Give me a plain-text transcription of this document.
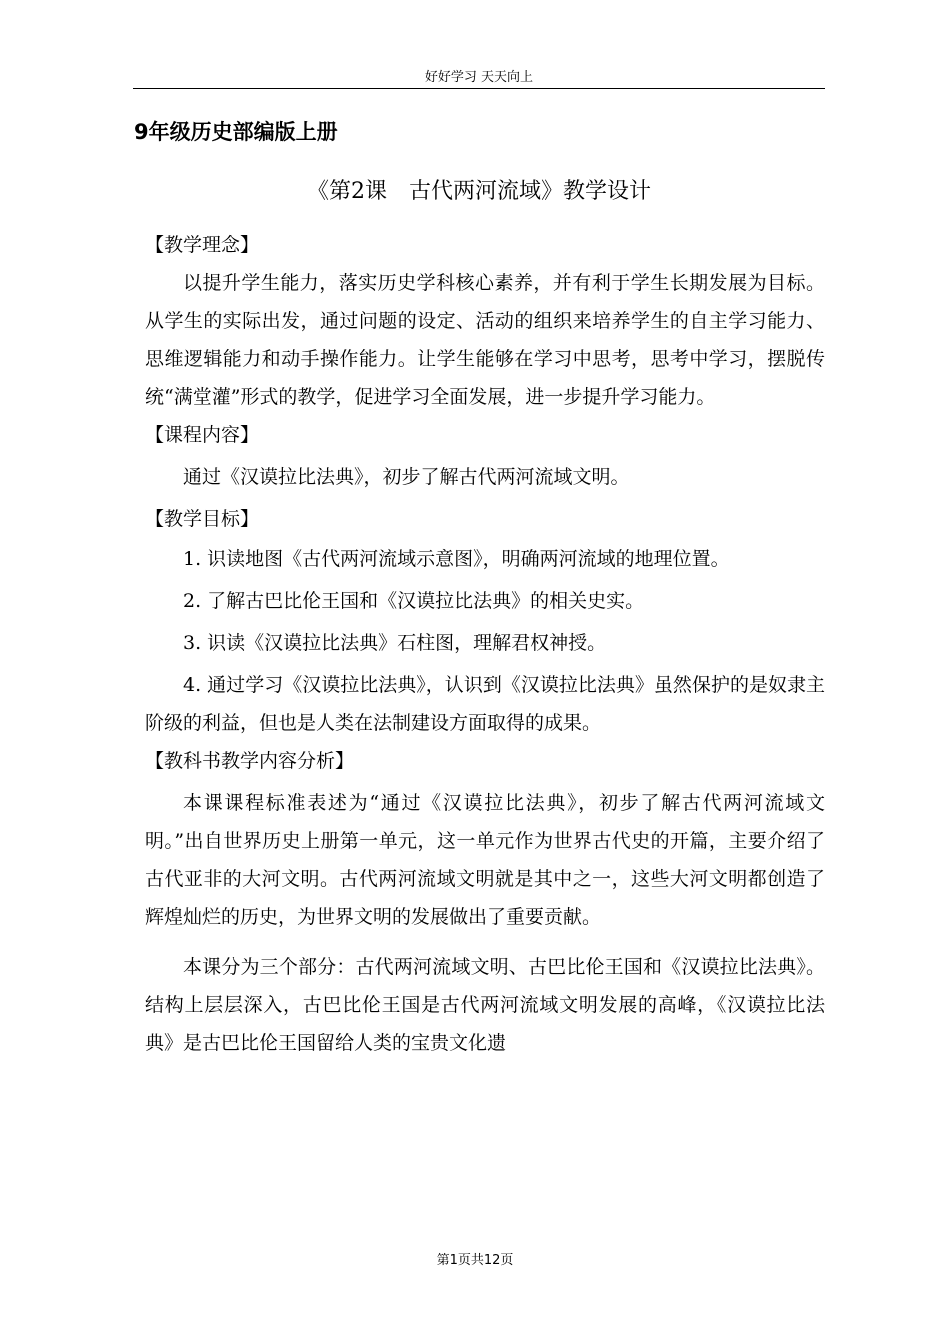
好好学习 天天向上
9年级历史部编版上册
《第2课　古代两河流域》教学设计

【教学理念】

以提升学生能力，落实历史学科核心素养，并有利于学生长期发展为目标。从学生的实际出发，通过问题的设定、活动的组织来培养学生的自主学习能力、思维逻辑能力和动手操作能力。让学生能够在学习中思考，思考中学习，摆脱传统“满堂灌”形式的教学，促进学习全面发展，进一步提升学习能力。

【课程内容】

通过《汉谟拉比法典》，初步了解古代两河流域文明。

【教学目标】

1. 识读地图《古代两河流域示意图》，明确两河流域的地理位置。

2. 了解古巴比伦王国和《汉谟拉比法典》的相关史实。

3. 识读《汉谟拉比法典》石柱图，理解君权神授。

4. 通过学习《汉谟拉比法典》，认识到《汉谟拉比法典》虽然保护的是奴隶主阶级的利益，但也是人类在法制建设方面取得的成果。

【教科书教学内容分析】

本课课程标准表述为“通过《汉谟拉比法典》，初步了解古代两河流域文明。”出自世界历史上册第一单元，这一单元作为世界古代史的开篇，主要介绍了古代亚非的大河文明。古代两河流域文明就是其中之一，这些大河文明都创造了辉煌灿烂的历史，为世界文明的发展做出了重要贡献。

本课分为三个部分：古代两河流域文明、古巴比伦王国和《汉谟拉比法典》。结构上层层深入，古巴比伦王国是古代两河流域文明发展的高峰，《汉谟拉比法典》是古巴比伦王国留给人类的宝贵文化遗

第1页共12页
